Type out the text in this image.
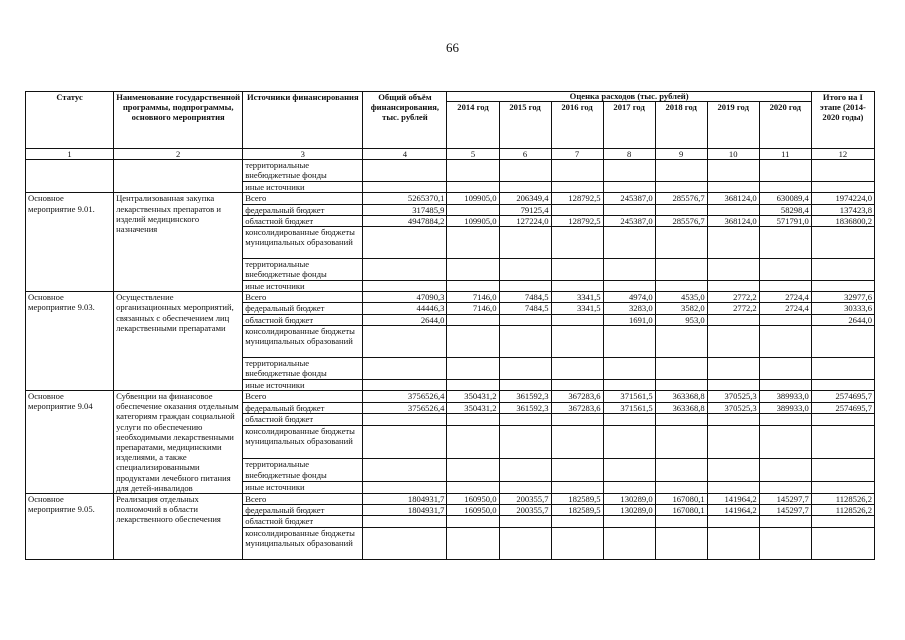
66
Статус	Наименование государственной программы, подпрограммы, основного мероприятия	Источники финансирования	Общий объём финансирования, тыс. рублей	Оценка расходов (тыс. рублей)							Итого на I этапе (2014-2020 годы)
				2014 год	2015 год	2016 год	2017 год	2018 год	2019 год	2020 год	
1	2	3	4	5	6	7	8	9	10	11	12
		территориальные внебюджетные фонды									
		иные источники									
Основное мероприятие 9.01.	Централизованная закупка лекарственных препаратов и изделий медицинского назначения	Всего	5265370,1	109905,0	206349,4	128792,5	245387,0	285576,7	368124,0	630089,4	1974224,0
		федеральный бюджет	317485,9		79125,4					58298,4	137423,8
		областной бюджет	4947884,2	109905,0	127224,0	128792,5	245387,0	285576,7	368124,0	571791,0	1836800,2
		консолидированные бюджеты муниципальных образований									
		территориальные внебюджетные фонды									
		иные источники									
Основное мероприятие 9.03.	Осуществление организационных мероприятий, связанных с обеспечением лиц лекарственными препаратами	Всего	47090,3	7146,0	7484,5	3341,5	4974,0	4535,0	2772,2	2724,4	32977,6
		федеральный бюджет	44446,3	7146,0	7484,5	3341,5	3283,0	3582,0	2772,2	2724,4	30333,6
		областной бюджет	2644,0				1691,0	953,0			2644,0
		консолидированные бюджеты муниципальных образований									
		территориальные внебюджетные фонды									
		иные источники									
Основное мероприятие 9.04	Субвенции на финансовое обеспечение оказания отдельным категориям граждан социальной услуги по обеспечению необходимыми лекарственными препаратами, медицинскими изделиями, а также специализированными продуктами лечебного питания для детей-инвалидов	Всего	3756526,4	350431,2	361592,3	367283,6	371561,5	363368,8	370525,3	389933,0	2574695,7
		федеральный бюджет	3756526,4	350431,2	361592,3	367283,6	371561,5	363368,8	370525,3	389933,0	2574695,7
		областной бюджет									
		консолидированные бюджеты муниципальных образований									
		территориальные внебюджетные фонды									
		иные источники									
Основное мероприятие 9.05.	Реализация отдельных полномочий в области лекарственного обеспечения	Всего	1804931,7	160950,0	200355,7	182589,5	130289,0	167080,1	141964,2	145297,7	1128526,2
		федеральный бюджет	1804931,7	160950,0	200355,7	182589,5	130289,0	167080,1	141964,2	145297,7	1128526,2
		областной бюджет									
		консолидированные бюджеты муниципальных образований									
